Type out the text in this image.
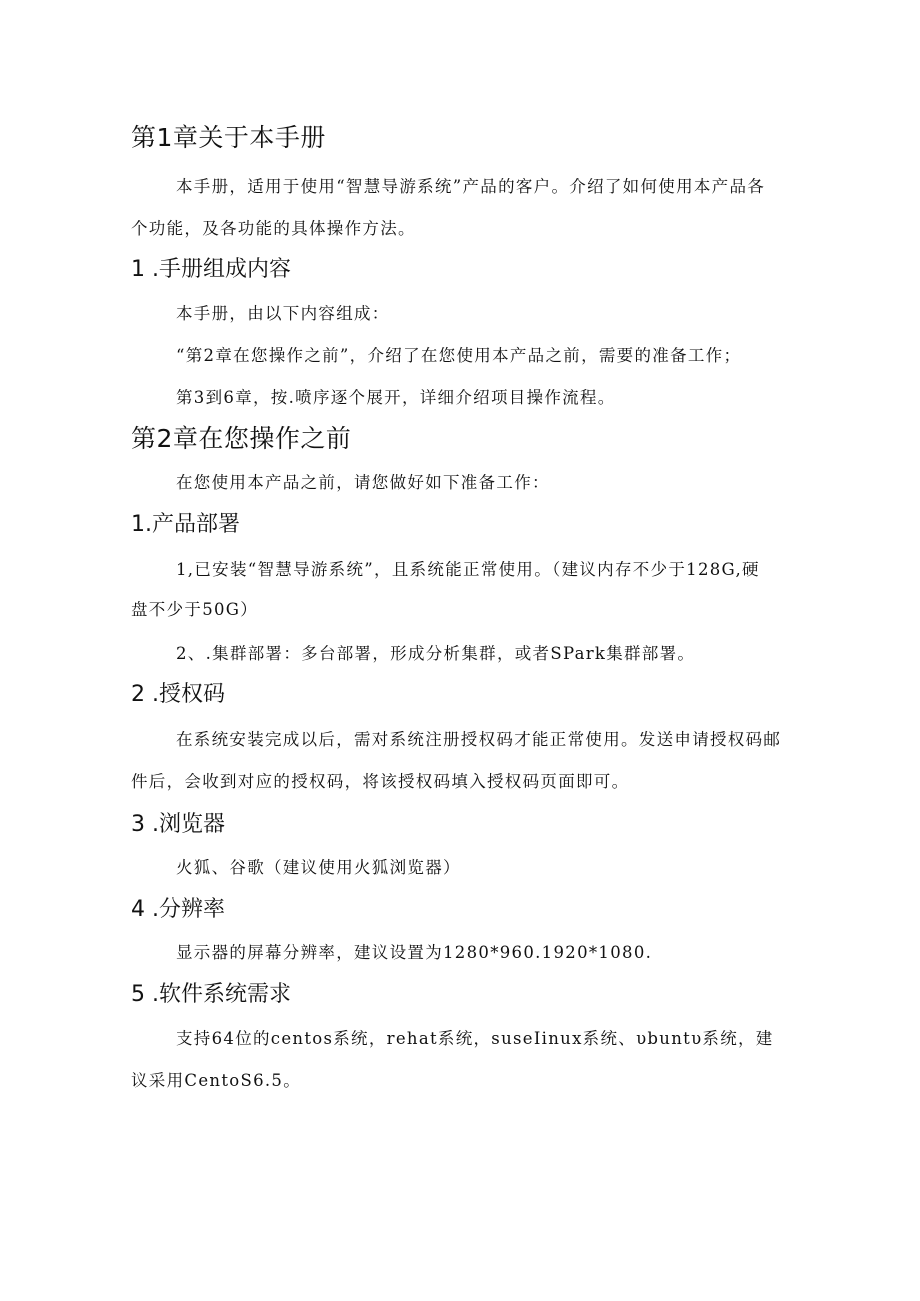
第1章关于本手册
本手册，适用于使用“智慧导游系统”产品的客户。介绍了如何使用本产品各
个功能，及各功能的具体操作方法。
1 .手册组成内容
本手册，由以下内容组成：
“第2章在您操作之前”，介绍了在您使用本产品之前，需要的准备工作；
第3到6章，按.喷序逐个展开，详细介绍项目操作流程。
第2章在您操作之前
在您使用本产品之前，请您做好如下准备工作：
1.产品部署
1,已安装“智慧导游系统”，且系统能正常使用。（建议内存不少于128G,硬
盘不少于50G）
2、.集群部署：多台部署，形成分析集群，或者SPark集群部署。
2 .授权码
在系统安装完成以后，需对系统注册授权码才能正常使用。发送申请授权码邮
件后，会收到对应的授权码，将该授权码填入授权码页面即可。
3 .浏览器
火狐、谷歌（建议使用火狐浏览器）
4 .分辨率
显示器的屏幕分辨率，建议设置为1280*960.1920*1080.
5 .软件系统需求
支持64位的centos系统，rehat系统，suseIinux系统、υbuntυ系统，建
议采用CentoS6.5。
